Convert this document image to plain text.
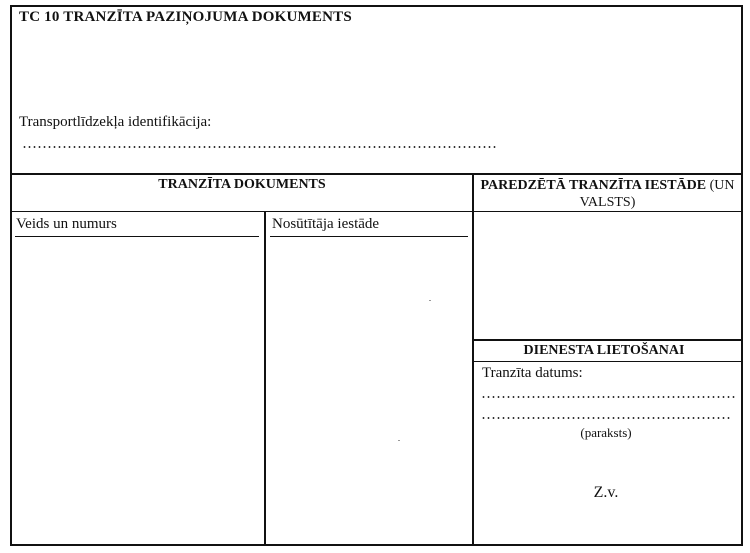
TC 10 TRANZĪTA PAZIŅOJUMA DOKUMENTS
Transportlīdzekļa identifikācija:
TRANZĪTA DOKUMENTS
Veids un numurs	Nosūtītāja iestāde
PAREDZĒTĀ TRANZĪTA IESTĀDE (UN VALSTS)
DIENESTA LIETOŠANAI
Tranzīta datums:
(paraksts)
Z.v.
